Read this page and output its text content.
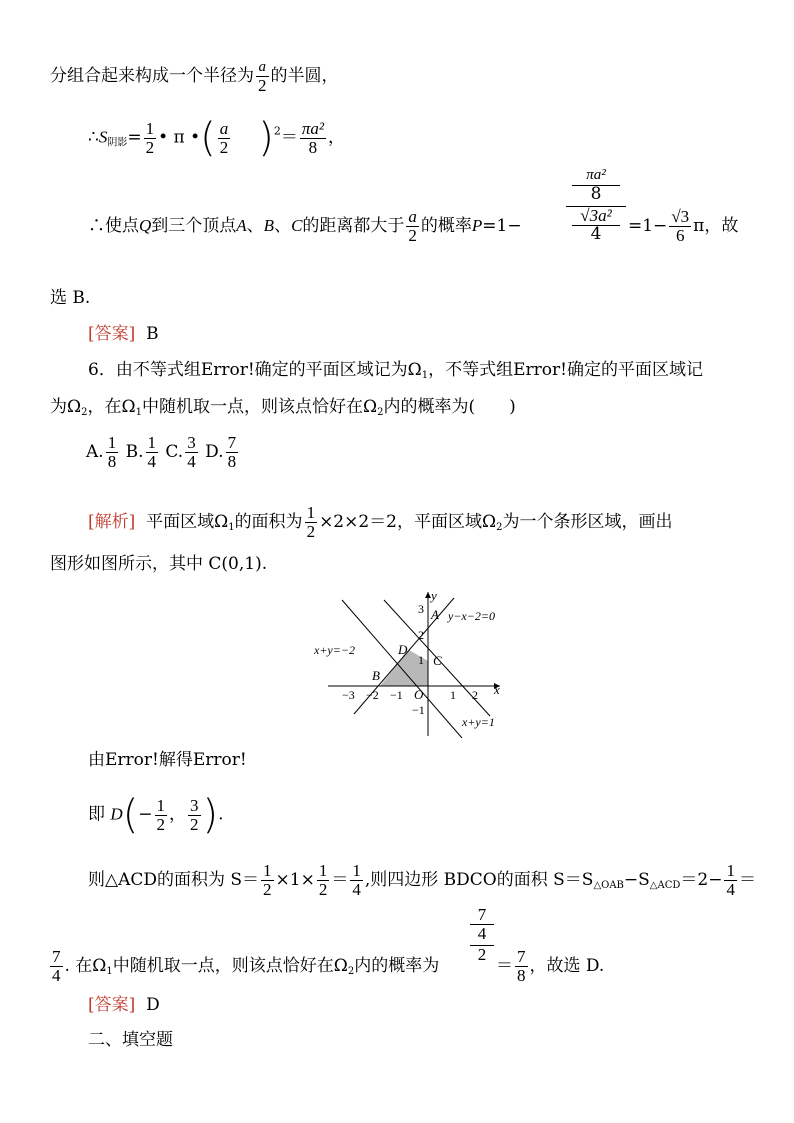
分组合起来构成一个半径为 $\frac{a}{2}$ 的半圆，
$\therefore S_{阴影}= \frac{1}{2}$ • π •( $\frac{a}{2} )^2= \frac{\text{πa²}}{8}$ ，
∴使点Q到三个顶点A、B、C的距离都大于 $\frac{a}{2}$ 的概率P=1−
πa²
8
√3a²
4	$=1- \frac{√3}{6}$ π，故
选 B.
[答案] B
6．由不等式组Error!确定的平面区域记为$\Omega_1$，不等式组Error!确定的平面区域记
为$\Omega_2$，在$\Omega_1$中随机取一点，则该点恰好在$\Omega_2$内的概率为(　　)
A. $\frac{1}{8} B$. $\frac{1}{4} C$. $\frac{3}{4} D$. $\frac{7}{8}$
[解析] 平面区域$\Omega_1$的面积为 $\frac{1}{2} \times 2\times 2=2$，平面区域$\Omega_2$为一个条形区域，画出
图形如图所示，其中 C(0,1).
x
y
y−x−2=0
x+y=−2
x+y=1
A
B
C
D
O
−3 −2 −1	1 2
3
2
1
−1
由Error!解得Error!
即 $D(- \frac{1}{2}$ ， $\frac{3}{2}$ ).
则△ACD的面积为 $S= \frac{1}{2} \times 1\times \frac{1}{2} = \frac{1}{4}$ ,则四边形 BDCO的面积 $S=S_{\triangle OAB}-S_{\triangle ACD}=2- \frac{1}{4}$ ＝
$\frac{7}{4}$ . 在$\Omega_1$中随机取一点，则该点恰好在$\Omega_2$内的概率为
7
4
2
＝ $\frac{7}{8}$ ，故选 D.
[答案] D
二、填空题
